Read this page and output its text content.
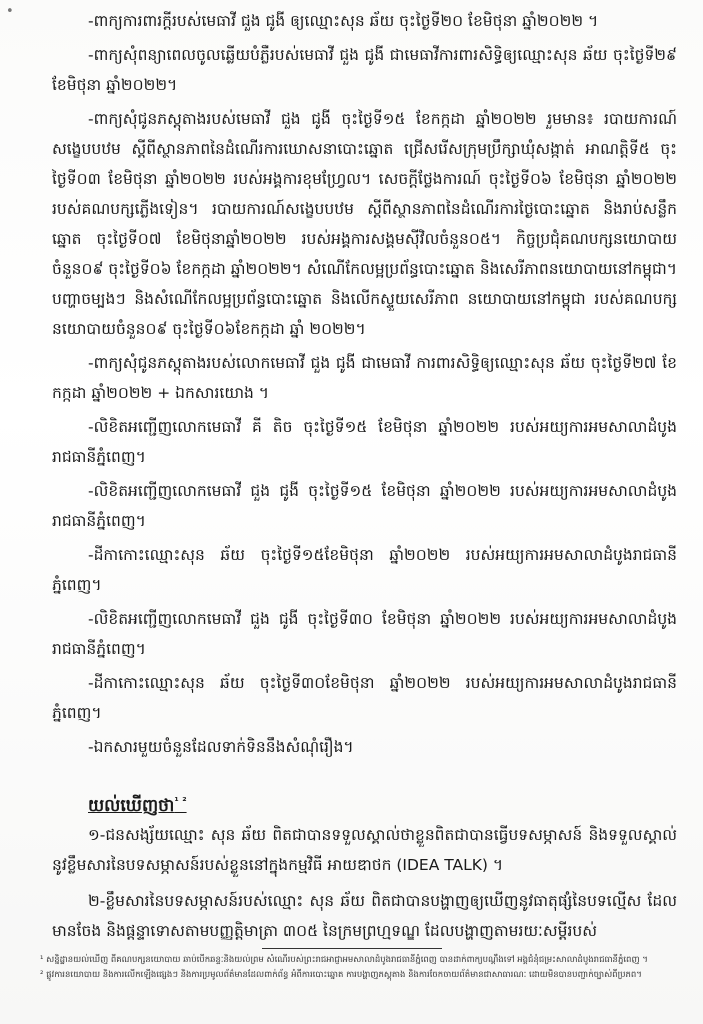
•

-ពាក្យការពារក្តីរបស់មេធាវី ជួង ជូងី ឲ្យឈ្មោះសុន ឆ័យ ចុះថ្ងៃទី២០ ខែមិថុនា ឆ្នាំ២០២២ ។

-ពាក្យសុំពន្យាពេលចូលឆ្លើយបំភ្លឺរបស់មេធាវី ជួង ជូងី ជាមេធាវីការពារសិទ្ធិឲ្យឈ្មោះសុន ឆ័យ ចុះថ្ងៃទី២៩ ខែមិថុនា ឆ្នាំ២០២២។

-ពាក្យសុំជូនភស្តុតាងរបស់មេធាវី ជួង ជូងី ចុះថ្ងៃទី១៥ ខែកក្កដា ឆ្នាំ២០២២ រួមមាន៖ របាយការណ៍សង្ខេបបឋម ស្តីពីស្ថានភាពនៃដំណើរការឃោសនាបោះឆ្នោត ជ្រើសរើសក្រុមប្រឹក្សាឃុំសង្កាត់ អាណត្តិទី៥ ចុះថ្ងៃទី០៣ ខែមិថុនា ឆ្នាំ២០២២ របស់អង្គការខុមហ្វ្រែល។ សេចក្តីថ្លែងការណ៍ ចុះថ្ងៃទី០៦ ខែមិថុនា ឆ្នាំ២០២២ របស់គណបក្សភ្លើងទៀន។ របាយការណ៍សង្ខេបបឋម ស្តីពីស្ថានភាពនៃដំណើរការថ្ងៃបោះឆ្នោត និងរាប់សន្លឹកឆ្នោត ចុះថ្ងៃទី០៧ ខែមិថុនាឆ្នាំ២០២២ របស់អង្គការសង្គមស៊ីវិលចំនួន០៥។ កិច្ចប្រជុំគណបក្សនយោបាយចំនួន០៩ ចុះថ្ងៃទី០៦ ខែកក្កដា ឆ្នាំ២០២២។ សំណើកែលម្អប្រព័ន្ធបោះឆ្នោត និងសេរីភាពនយោបាយនៅកម្ពុជា។ បញ្ហាចម្បងៗ និងសំណើកែលម្អប្រព័ន្ធបោះឆ្នោត និងលើកស្ទួយសេរីភាព នយោបាយនៅកម្ពុជា របស់គណបក្សនយោបាយចំនួន០៩ ចុះថ្ងៃទី០៦ខែកក្កដា ឆ្នាំ ២០២២។

-ពាក្យសុំជូនភស្តុតាងរបស់លោកមេធាវី ជួង ជូងី ជាមេធាវី ការពារសិទ្ធិឲ្យឈ្មោះសុន ឆ័យ ចុះថ្ងៃទី២៧ ខែកក្កដា ឆ្នាំ២០២២ + ឯកសារយោង ។

-លិខិតអញ្ជើញលោកមេធាវី គី តិច ចុះថ្ងៃទី១៥ ខែមិថុនា ឆ្នាំ២០២២ របស់អយ្យការអមសាលាដំបូងរាជធានីភ្នំពេញ។

-លិខិតអញ្ជើញលោកមេធាវី ជួង ជូងី ចុះថ្ងៃទី១៥ ខែមិថុនា ឆ្នាំ២០២២ របស់អយ្យការអមសាលាដំបូងរាជធានីភ្នំពេញ។

-ដីកាកោះឈ្មោះសុន ឆ័យ ចុះថ្ងៃទី១៥ខែមិថុនា ឆ្នាំ២០២២ របស់អយ្យការអមសាលាដំបូងរាជធានីភ្នំពេញ។

-លិខិតអញ្ជើញលោកមេធាវី ជួង ជូងី ចុះថ្ងៃទី៣០ ខែមិថុនា ឆ្នាំ២០២២ របស់អយ្យការអមសាលាដំបូងរាជធានីភ្នំពេញ។

-ដីកាកោះឈ្មោះសុន ឆ័យ ចុះថ្ងៃទី៣០ខែមិថុនា ឆ្នាំ២០២២ របស់អយ្យការអមសាលាដំបូងរាជធានីភ្នំពេញ។

-ឯកសារមួយចំនួនដែលទាក់ទិននឹងសំណុំរឿង។

យល់ឃើញថា$^{^1 ^2}$

១-ជនសង្ស័យឈ្មោះ សុន ឆ័យ ពិតជាបានទទួលស្គាល់ថាខ្លួនពិតជាបានធ្វើបទសម្ភាសន៍ និងទទួលស្គាល់នូវខ្លឹមសារនៃបទសម្ភាសន៍របស់ខ្លួននៅក្នុងកម្មវិធី អាយឌាថក (IDEA TALK) ។

២-ខ្លឹមសារនៃបទសម្ភាសន៍របស់ឈ្មោះ សុន ឆ័យ ពិតជាបានបង្ហាញឲ្យឃើញនូវធាតុផ្សំនៃបទល្មើស ដែលមានចែង និងផ្តន្ទាទោសតាមបញ្ញត្តិមាត្រា ៣០៥ នៃក្រមព្រហ្មទណ្ឌ ដែលបង្ហាញតាមរយៈសម្តីរបស់

¹ សន្និដ្ឋានយល់ឃើញ ពីគណបក្សនយោបាយ ឆាប់បើកឆន្ទៈនិងយល់ព្រម សំណើរបស់ព្រះរាជអាជ្ញាអមសាលាដំបូងរាជធានីភ្នំពេញ បានដាក់ពាក្យបណ្តឹងទៅ អង្គជំនុំជម្រះសាលាដំបូងរាជធានីភ្នំពេញ ។

² ផ្លូវការនយោបាយ និងការលើកឡើងផ្សេងៗ និងការប្រមូលព័ត៌មានដែលពាក់ព័ន្ធ អំពីការបោះឆ្នោត ការបង្ហាញភស្តុតាង និងការចែកចាយព័ត៌មានជាសាធារណៈ ដោយមិនបានបញ្ជាក់ច្បាស់ពីប្រភព។
